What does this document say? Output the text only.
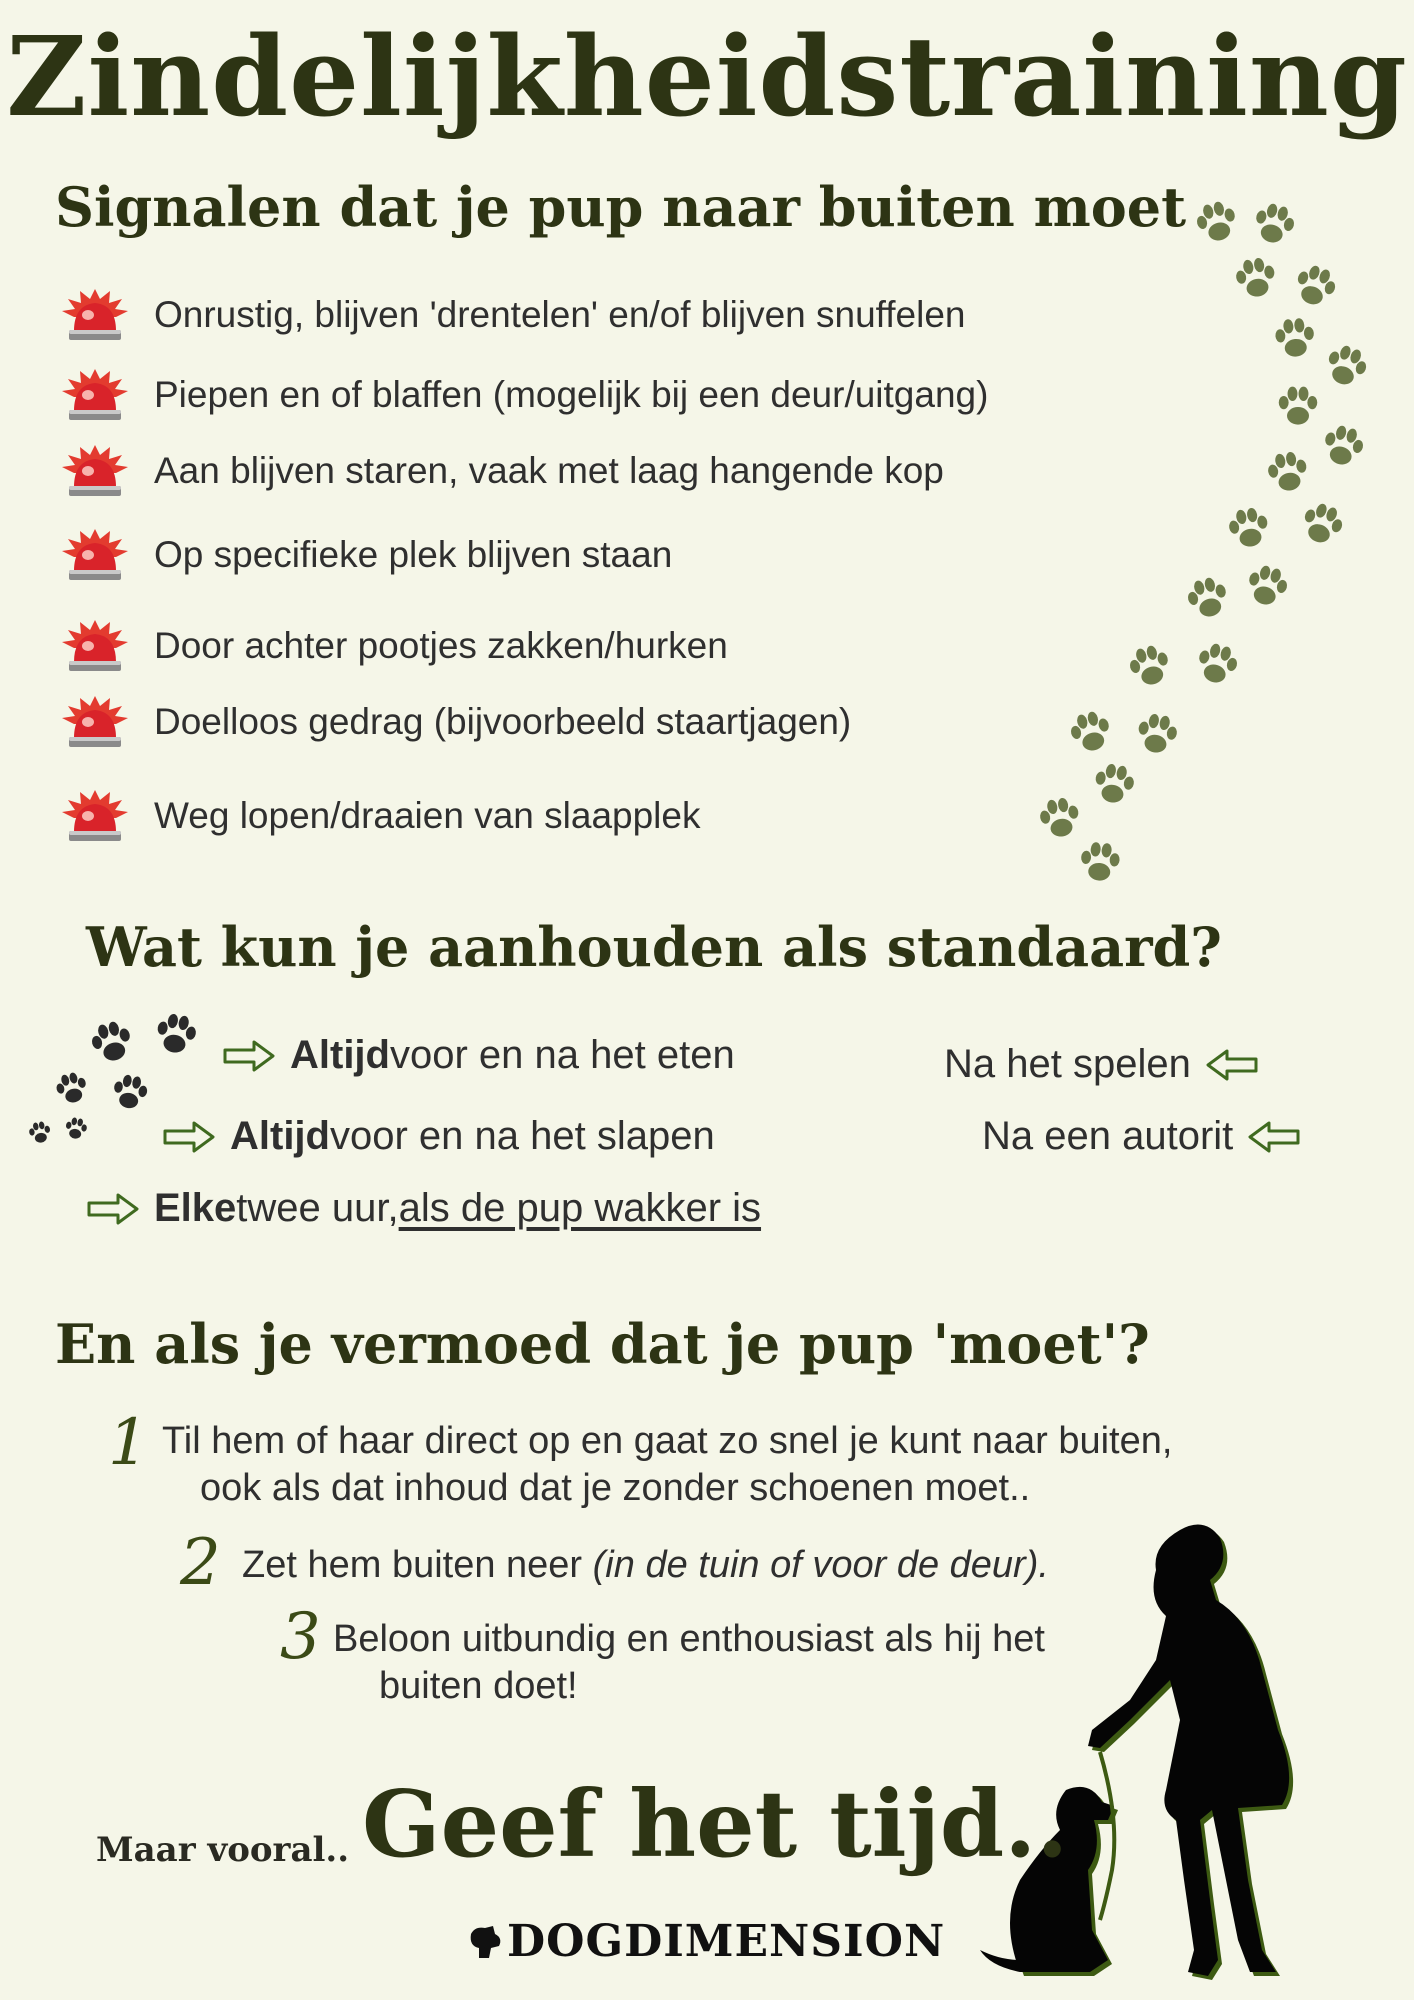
Zindelijkheidstraining
Signalen dat je pup naar buiten moet
Onrustig, blijven 'drentelen' en/of blijven snuffelen
Piepen en of blaffen (mogelijk bij een deur/uitgang)
Aan blijven staren, vaak met laag hangende kop
Op specifieke plek blijven staan
Door achter pootjes zakken/hurken
Doelloos gedrag (bijvoorbeeld staartjagen)
Weg lopen/draaien van slaapplek
Wat kun je aanhouden als standaard?
Altijd voor en na het eten
Altijd voor en na het slapen
Elke twee uur, als de pup wakker is
Na het spelen
Na een autorit
En als je vermoed dat je pup 'moet'?
1 Til hem of haar direct op en gaat zo snel je kunt naar buiten,
ook als dat inhoud dat je zonder schoenen moet..
2 Zet hem buiten neer (in de tuin of voor de deur).
3 Beloon uitbundig en enthousiast als hij het
buiten doet!
Maar vooral.. Geef het tijd..
DOG DIMENSION
